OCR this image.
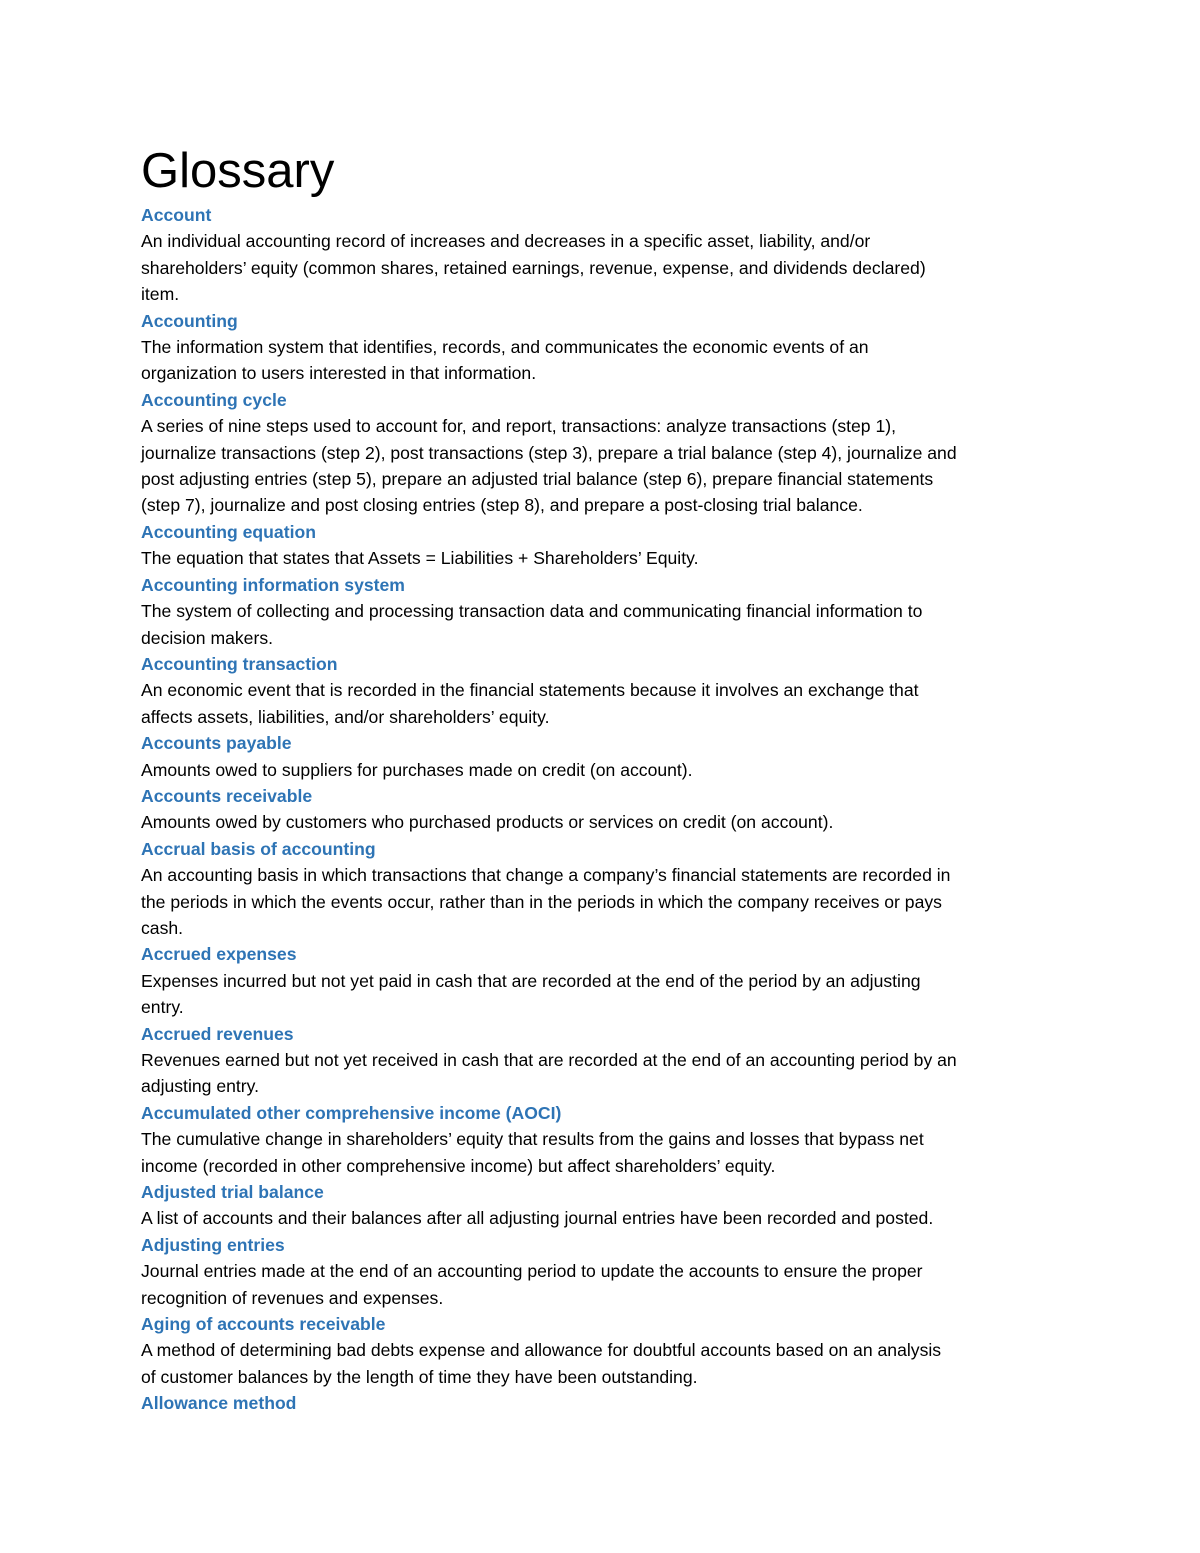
Glossary
Account
An individual accounting record of increases and decreases in a specific asset, liability, and/or
shareholders’ equity (common shares, retained earnings, revenue, expense, and dividends declared)
item.
Accounting
The information system that identifies, records, and communicates the economic events of an
organization to users interested in that information.
Accounting cycle
A series of nine steps used to account for, and report, transactions: analyze transactions (step 1),
journalize transactions (step 2), post transactions (step 3), prepare a trial balance (step 4), journalize and
post adjusting entries (step 5), prepare an adjusted trial balance (step 6), prepare financial statements
(step 7), journalize and post closing entries (step 8), and prepare a post-closing trial balance.
Accounting equation
The equation that states that Assets = Liabilities + Shareholders’ Equity.
Accounting information system
The system of collecting and processing transaction data and communicating financial information to
decision makers.
Accounting transaction
An economic event that is recorded in the financial statements because it involves an exchange that
affects assets, liabilities, and/or shareholders’ equity.
Accounts payable
Amounts owed to suppliers for purchases made on credit (on account).
Accounts receivable
Amounts owed by customers who purchased products or services on credit (on account).
Accrual basis of accounting
An accounting basis in which transactions that change a company’s financial statements are recorded in
the periods in which the events occur, rather than in the periods in which the company receives or pays
cash.
Accrued expenses
Expenses incurred but not yet paid in cash that are recorded at the end of the period by an adjusting
entry.
Accrued revenues
Revenues earned but not yet received in cash that are recorded at the end of an accounting period by an
adjusting entry.
Accumulated other comprehensive income (AOCI)
The cumulative change in shareholders’ equity that results from the gains and losses that bypass net
income (recorded in other comprehensive income) but affect shareholders’ equity.
Adjusted trial balance
A list of accounts and their balances after all adjusting journal entries have been recorded and posted.
Adjusting entries
Journal entries made at the end of an accounting period to update the accounts to ensure the proper
recognition of revenues and expenses.
Aging of accounts receivable
A method of determining bad debts expense and allowance for doubtful accounts based on an analysis
of customer balances by the length of time they have been outstanding.
Allowance method
